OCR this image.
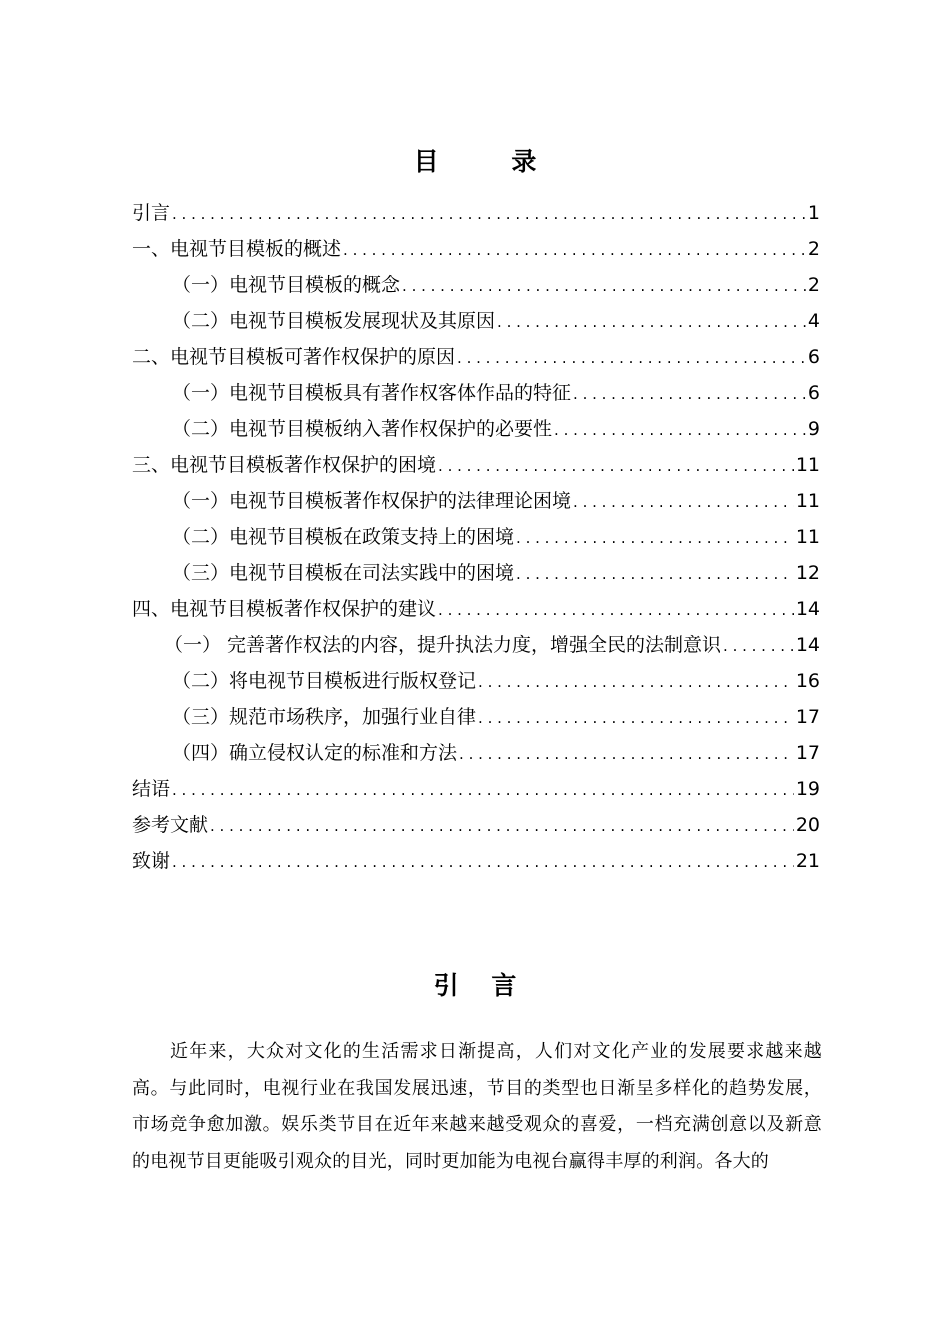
目 录
引言 . . .	1
一、 电视节目模板的概述 . . .	2
（一） 电视节目模板的概念 . . .	2
（二） 电视节目模板发展现状及其原因 . . .	4
二、 电视节目模板可著作权保护的原因 . . .	6
（一） 电视节目模板具有著作权客体作品的特征 . . .	6
（二） 电视节目模板纳入著作权保护的必要性 . . .	9
三、 电视节目模板著作权保护的困境 . . .	11
（一） 电视节目模板著作权保护的法律理论困境 . . .	11
（二） 电视节目模板在政策支持上的困境 . . .	11
（三） 电视节目模板在司法实践中的困境 . . .	12
四、 电视节目模板著作权保护的建议 . . .	14
（一） 完善著作权法的内容，提升执法力度，增强全民的法制意识 . . .	14
（二） 将电视节目模板进行版权登记 . . .	16
（三） 规范市场秩序，加强行业自律 . . .	17
（四） 确立侵权认定的标准和方法 . . .	17
结语 . . .	19
参考文献 . . .	20
致谢 . . .	21
引 言
近年来，大众对文化的生活需求日渐提高，人们对文化产业的发展要求越来越高。与此同时，电视行业在我国发展迅速，节目的类型也日渐呈多样化的趋势发展，市场竞争愈加激。娱乐类节目在近年来越来越受观众的喜爱，一档充满创意以及新意的电视节目更能吸引观众的目光，同时更加能为电视台赢得丰厚的利润。各大的
